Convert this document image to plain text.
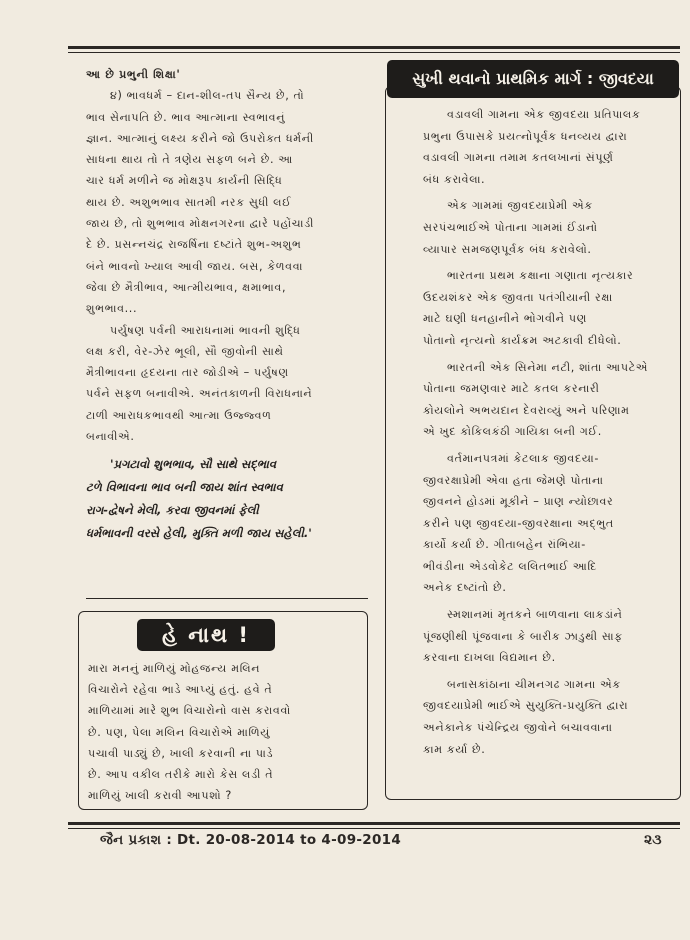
આ છે પ્રભુની શિક્ષા'

૪) ભાવધર્મ – દાન-શીલ-તપ સૈન્ય છે, તો
ભાવ સેનાપતિ છે. ભાવ આત્માના સ્વભાવનું
જ્ઞાન. આત્માનું લક્ષ્ય કરીને જો ઉપરોક્ત ધર્મની
સાધના થાય તો તે ત્રણેય સફળ બને છે. આ
ચાર ધર્મ મળીને જ મોક્ષરૂપ કાર્યની સિદ્ધિ
થાય છે. અશુભભાવ સાતમી નરક સુધી લઈ
જાય છે, તો શુભભાવ મોક્ષનગરના દ્વારે પહોંચાડી
દે છે. પ્રસન્નચંદ્ર રાજર્ષિના દષ્ટાંતે શુભ-અશુભ
બંને ભાવનો ખ્યાલ આવી જાય. બસ, કેળવવા
જેવા છે મૈત્રીભાવ, આત્મીયભાવ, ક્ષમાભાવ,
શુભભાવ...

પર્યુષણ પર્વની આરાધનામાં ભાવની શુદ્ધિ
લક્ષ કરી, વેર-ઝેર ભૂલી, સૌ જીવોની સાથે
મૈત્રીભાવના હૃદયના તાર જોડીએ – પર્યુષણ
પર્વને સફળ બનાવીએ. અનંતકાળની વિરાધનાને
ટાળી આરાધકભાવથી આત્મા ઉજ્જ્વળ
બનાવીએ.

'પ્રગટાવો શુભભાવ, સૌ સાથે સદ્ભાવ
ટળે વિભાવના ભાવ બની જાય શાંત સ્વભાવ
રાગ-દ્વેષને મેલી, કરવા જીવનમાં ફેલી
ધર્મભાવની વરસે હેલી, મુક્તિ મળી જાય સહેલી.'

હે નાથ !

મારા મનનું માળિયું મોહજન્ય મલિન
વિચારોને રહેવા ભાડે આપ્યું હતું. હવે તે
માળિયામાં મારે શુભ વિચારોનો વાસ કરાવવો
છે. પણ, પેલા મલિન વિચારોએ માળિયું
પચાવી પાડ્યું છે, ખાલી કરવાની ના પાડે
છે. આપ વકીલ તરીકે મારો કેસ લડી તે
માળિયું ખાલી કરાવી આપશો ?

સુખી થવાનો પ્રાથમિક માર્ગ : જીવદયા

વડાવલી ગામના એક જીવદયા પ્રતિપાલક
પ્રભુના ઉપાસકે પ્રયત્નોપૂર્વક ધનવ્યય દ્વારા
વડાવલી ગામના તમામ કતલખાનાં સંપૂર્ણ
બંધ કરાવેલા.

એક ગામમાં જીવદયાપ્રેમી એક
સરપંચભાઈએ પોતાના ગામમાં ઈંડાનો
વ્યાપાર સમજણપૂર્વક બંધ કરાવેલો.

ભારતના પ્રથમ કક્ષાના ગણાતા નૃત્યકાર
ઉદયશંકર એક જીવતા પતંગીયાની રક્ષા
માટે ઘણી ધનહાનીને ભોગવીને પણ
પોતાનો નૃત્યનો કાર્યક્રમ અટકાવી દીધેલો.

ભારતની એક સિનેમા નટી, શાંતા આપટેએ
પોતાના જમણવાર માટે કતલ કરનારી
કોયલોને અભયદાન દેવરાવ્યું અને પરિણામ
એ ખુદ કોકિલકંઠી ગાયિકા બની ગઈ.

વર્તમાનપત્રમાં કેટલાક જીવદયા-
જીવરક્ષાપ્રેમી એવા હતા જેમણે પોતાના
જીવનને હોડમાં મૂકીને – પ્રાણ ન્યોછાવર
કરીને પણ જીવદયા-જીવરક્ષાના અદ્ભુત
કાર્યો કર્યા છે. ગીતાબહેન રાંભિયા-
ભીવંડીના એડવોકેટ લલિતભાઈ આદિ
અનેક દષ્ટાંતો છે.

સ્મશાનમાં મૃતકને બાળવાના લાકડાંને
પૂંજણીથી પૂંજવાના કે બારીક ઝાડુથી સાફ
કરવાના દાખલા વિદ્યમાન છે.

બનાસકાંઠાના ચીમનગઢ ગામના એક
જીવદયાપ્રેમી ભાઈએ સુયુક્તિ-પ્રયુક્તિ દ્વારા
અનેકાનેક પંચેન્દ્રિય જીવોને બચાવવાના
કામ કર્યા છે.

જૈન પ્રકાશ : Dt. 20-08-2014 to 4-09-2014	૨૩
